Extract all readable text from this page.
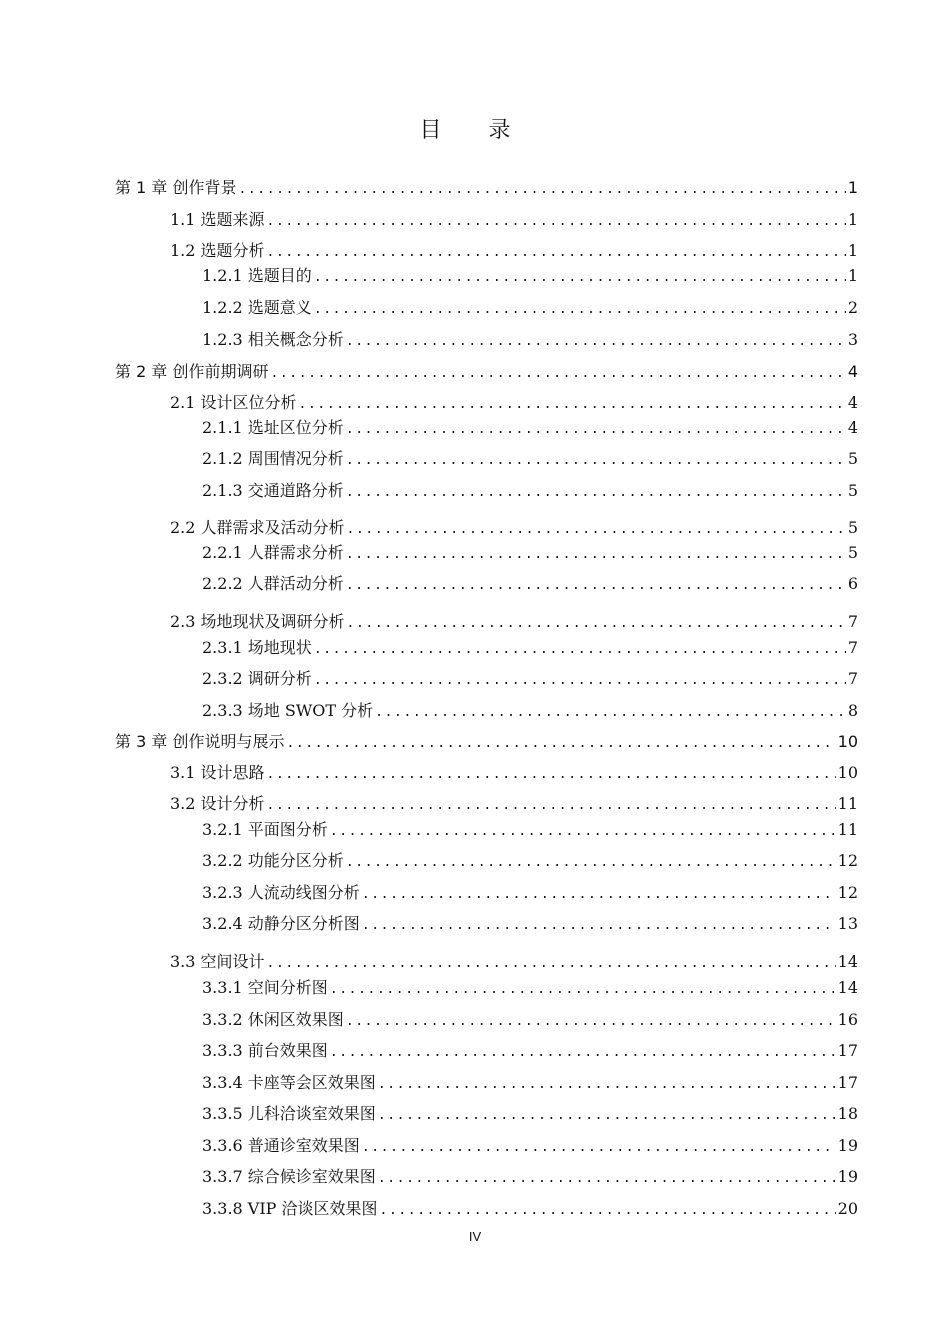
目 录
第 1 章 创作背景 .....	1
1.1 选题来源 .....	1
1.2 选题分析 .....	1
1.2.1 选题目的 .....	1
1.2.2 选题意义 .....	2
1.2.3 相关概念分析 .....	3
第 2 章 创作前期调研 .....	4
2.1 设计区位分析 .....	4
2.1.1 选址区位分析 .....	4
2.1.2 周围情况分析 .....	5
2.1.3 交通道路分析 .....	5
2.2 人群需求及活动分析 .....	5
2.2.1 人群需求分析 .....	5
2.2.2 人群活动分析 .....	6
2.3 场地现状及调研分析 .....	7
2.3.1 场地现状 .....	7
2.3.2 调研分析 .....	7
2.3.3 场地 SWOT 分析 .....	8
第 3 章 创作说明与展示 .....	10
3.1 设计思路 .....	10
3.2 设计分析 .....	11
3.2.1 平面图分析 .....	11
3.2.2 功能分区分析 .....	12
3.2.3 人流动线图分析 .....	12
3.2.4 动静分区分析图 .....	13
3.3 空间设计 .....	14
3.3.1 空间分析图 .....	14
3.3.2 休闲区效果图 .....	16
3.3.3 前台效果图 .....	17
3.3.4 卡座等会区效果图 .....	17
3.3.5 儿科洽谈室效果图 .....	18
3.3.6 普通诊室效果图 .....	19
3.3.7 综合候诊室效果图 .....	19
3.3.8 VIP 洽谈区效果图 .....	20
IV
